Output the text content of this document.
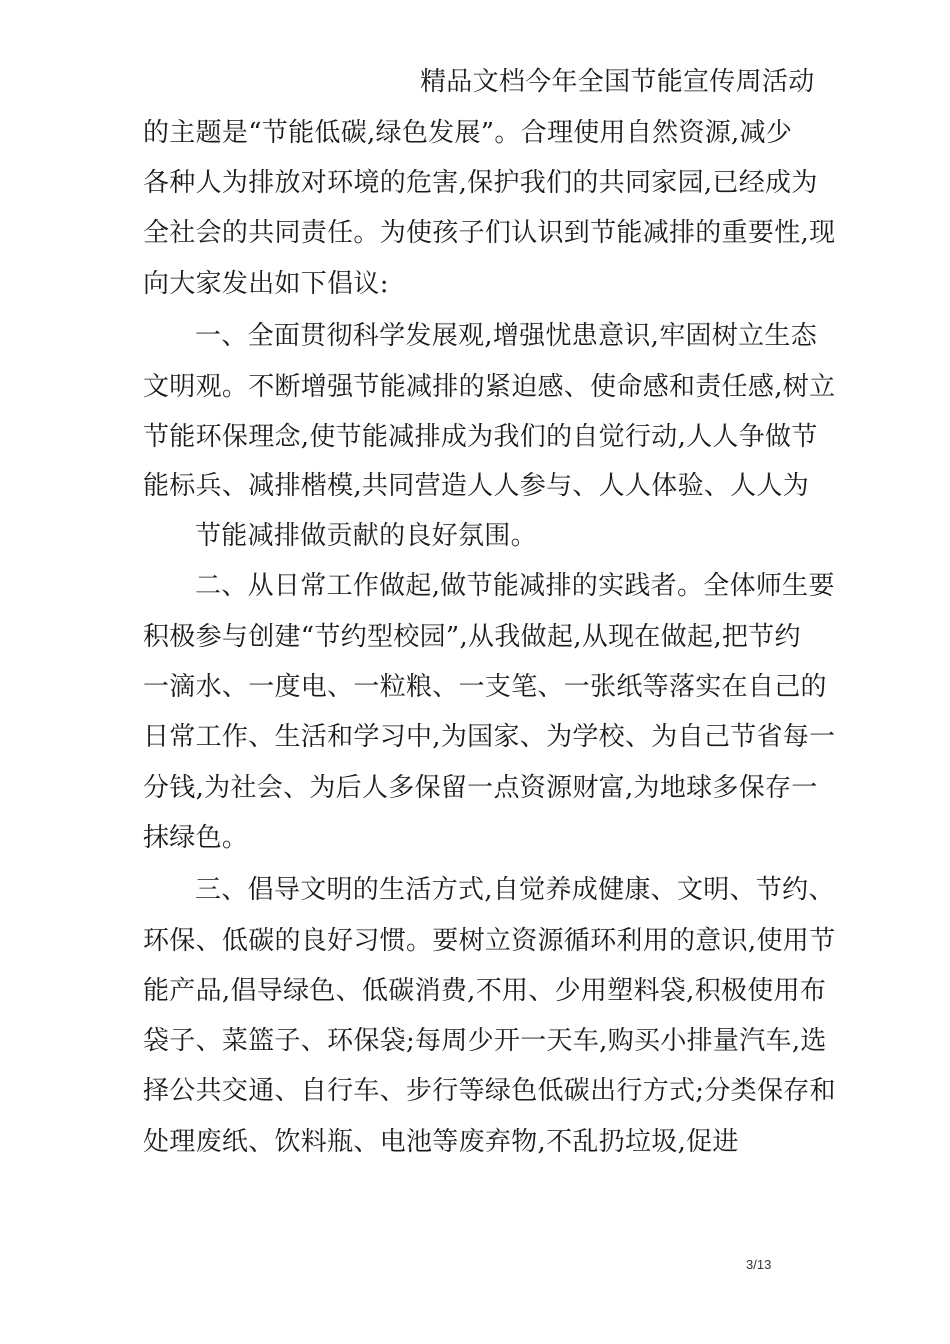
精品文档今年全国节能宣传周活动
的主题是“节能低碳,绿色发展”。合理使用自然资源,减少
各种人为排放对环境的危害,保护我们的共同家园,已经成为
全社会的共同责任。为使孩子们认识到节能减排的重要性,现
向大家发出如下倡议:
一、全面贯彻科学发展观,增强忧患意识,牢固树立生态
文明观。不断增强节能减排的紧迫感、使命感和责任感,树立
节能环保理念,使节能减排成为我们的自觉行动,人人争做节
能标兵、减排楷模,共同营造人人参与、人人体验、人人为
节能减排做贡献的良好氛围。
二、从日常工作做起,做节能减排的实践者。全体师生要
积极参与创建“节约型校园”,从我做起,从现在做起,把节约
一滴水、一度电、一粒粮、一支笔、一张纸等落实在自己的
日常工作、生活和学习中,为国家、为学校、为自己节省每一
分钱,为社会、为后人多保留一点资源财富,为地球多保存一
抹绿色。
三、倡导文明的生活方式,自觉养成健康、文明、节约、
环保、低碳的良好习惯。要树立资源循环利用的意识,使用节
能产品,倡导绿色、低碳消费,不用、少用塑料袋,积极使用布
袋子、菜篮子、环保袋;每周少开一天车,购买小排量汽车,选
择公共交通、自行车、步行等绿色低碳出行方式;分类保存和
处理废纸、饮料瓶、电池等废弃物,不乱扔垃圾,促进
3/13
